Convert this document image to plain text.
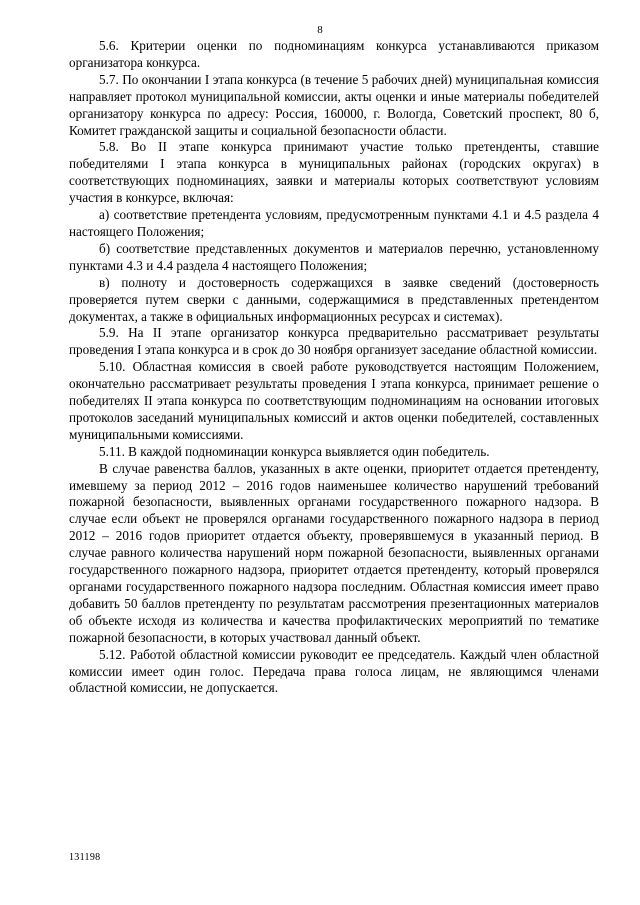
8

5.6. Критерии оценки по подноминациям конкурса устанавливаются приказом организатора конкурса.

5.7. По окончании I этапа конкурса (в течение 5 рабочих дней) муниципальная комиссия направляет протокол муниципальной комиссии, акты оценки и иные материалы победителей организатору конкурса по адресу: Россия, 160000, г. Вологда, Советский проспект, 80 б, Комитет гражданской защиты и социальной безопасности области.

5.8. Во II этапе конкурса принимают участие только претенденты, ставшие победителями I этапа конкурса в муниципальных районах (городских округах) в соответствующих подноминациях, заявки и материалы которых соответствуют условиям участия в конкурсе, включая:

а) соответствие претендента условиям, предусмотренным пунктами 4.1 и 4.5 раздела 4 настоящего Положения;

б) соответствие представленных документов и материалов перечню, установленному пунктами 4.3 и 4.4 раздела 4 настоящего Положения;

в) полноту и достоверность содержащихся в заявке сведений (достоверность проверяется путем сверки с данными, содержащимися в представленных претендентом документах, а также в официальных информационных ресурсах и системах).

5.9. На II этапе организатор конкурса предварительно рассматривает результаты проведения I этапа конкурса и в срок до 30 ноября организует заседание областной комиссии.

5.10. Областная комиссия в своей работе руководствуется настоящим Положением, окончательно рассматривает результаты проведения I этапа конкурса, принимает решение о победителях II этапа конкурса по соответствующим подноминациям на основании итоговых протоколов заседаний муниципальных комиссий и актов оценки победителей, составленных муниципальными комиссиями.

5.11. В каждой подноминации конкурса выявляется один победитель.

В случае равенства баллов, указанных в акте оценки, приоритет отдается претенденту, имевшему за период 2012 – 2016 годов наименьшее количество нарушений требований пожарной безопасности, выявленных органами государственного пожарного надзора. В случае если объект не проверялся органами государственного пожарного надзора в период 2012 – 2016 годов приоритет отдается объекту, проверявшемуся в указанный период. В случае равного количества нарушений норм пожарной безопасности, выявленных органами государственного пожарного надзора, приоритет отдается претенденту, который проверялся органами государственного пожарного надзора последним. Областная комиссия имеет право добавить 50 баллов претенденту по результатам рассмотрения презентационных материалов об объекте исходя из количества и качества профилактических мероприятий по тематике пожарной безопасности, в которых участвовал данный объект.

5.12. Работой областной комиссии руководит ее председатель. Каждый член областной комиссии имеет один голос. Передача права голоса лицам, не являющимся членами областной комиссии, не допускается.

131198
